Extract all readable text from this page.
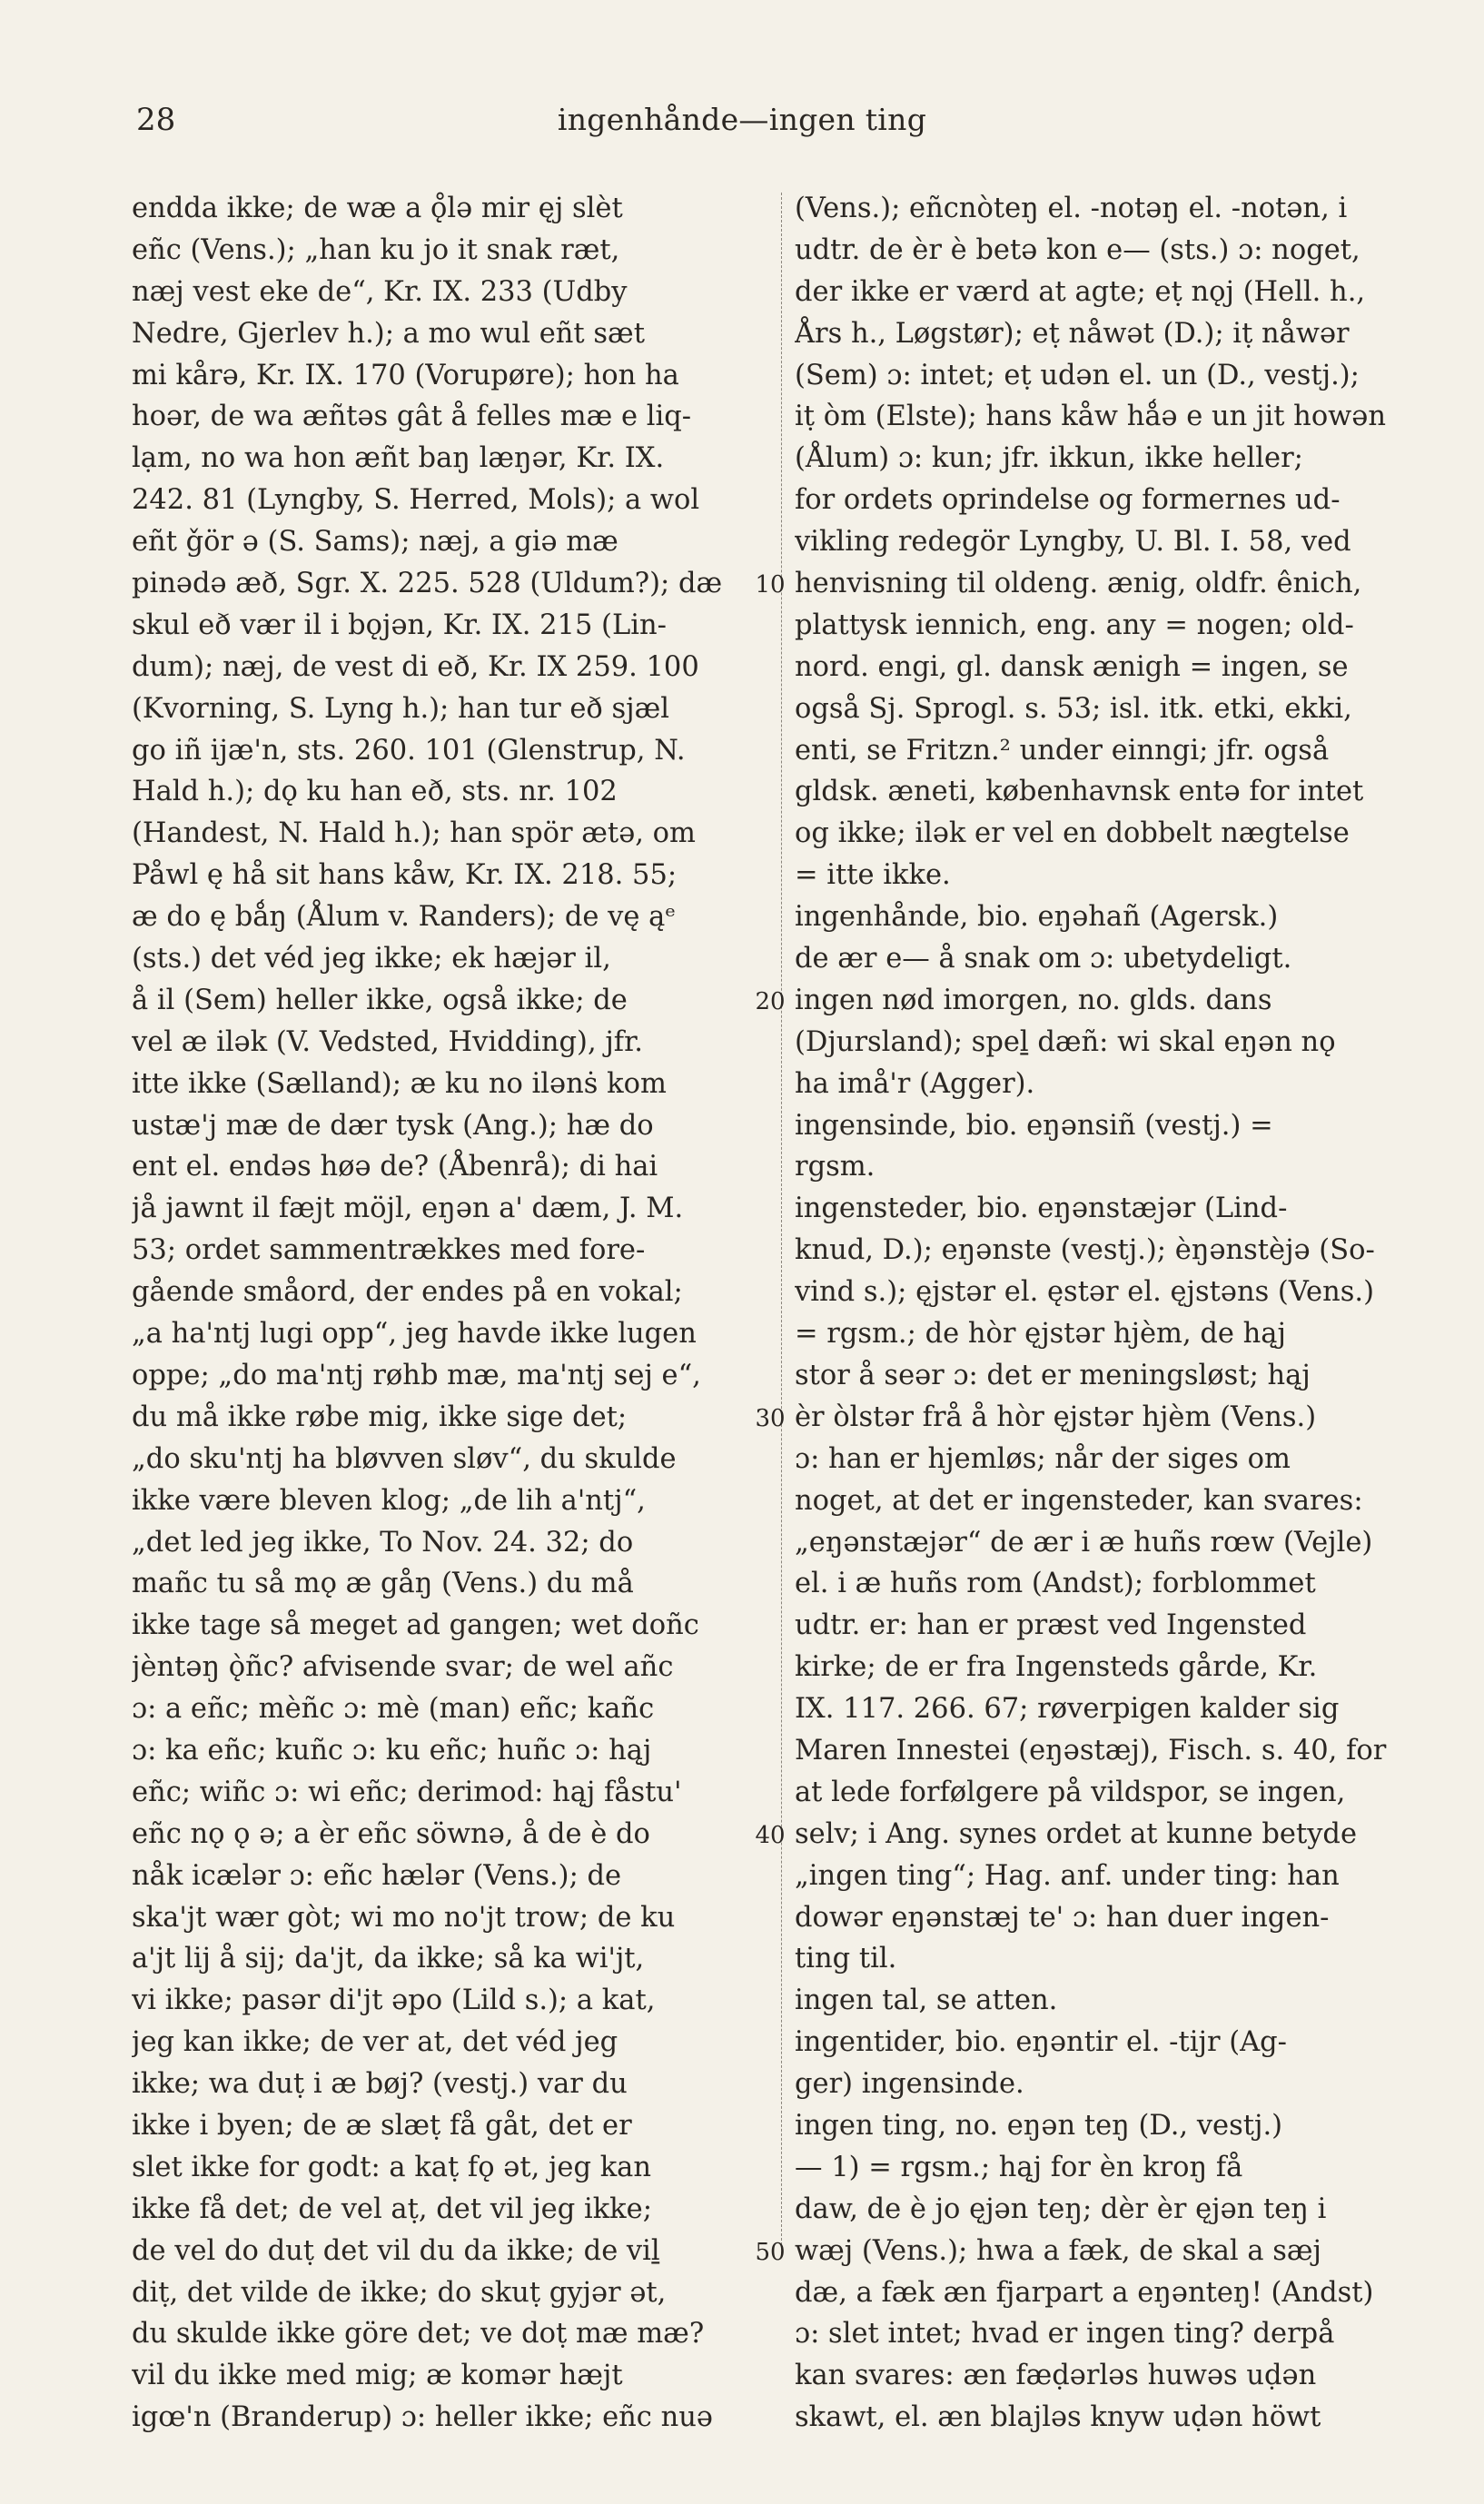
28	ingenhånde—ingen ting
endda ikke; de wæ a ǫ̊lə mir ęj slèt
eñc (Vens.); „han ku jo it snak ræt,
næj vest eke de“, Kr. IX. 233 (Udby
Nedre, Gjerlev h.); a mo wul eñt sæt
mi kårə, Kr. IX. 170 (Vorupøre); hon ha
hoər, de wa æñtəs gât å felles mæ e liq-
lạm, no wa hon æñt baŋ læŋər, Kr. IX.
242. 81 (Lyngby, S. Herred, Mols); a wol
eñt ǧör ə (S. Sams); næj, a giə mæ
pinədə æð, Sgr. X. 225. 528 (Uldum?); dæ
skul eð vær il i bǫjən, Kr. IX. 215 (Lin-
dum); næj, de vest di eð, Kr. IX 259. 100
(Kvorning, S. Lyng h.); han tur eð sjæl
go iñ ijæ'n, sts. 260. 101 (Glenstrup, N.
Hald h.); dǫ ku han eð, sts. nr. 102
(Handest, N. Hald h.); han spör ætə, om
Påwl ę hå sit hans kåw, Kr. IX. 218. 55;
æ do ę bǻŋ (Ålum v. Randers); de vę ąᵉ
(sts.) det véd jeg ikke; ek hæjər il,
å il (Sem) heller ikke, også ikke; de
vel æ ilək (V. Vedsted, Hvidding), jfr.
itte ikke (Sælland); æ ku no ilənṡ kom
ustæ'j mæ de dær tysk (Ang.); hæ do
ent el. endəs høə de? (Åbenrå); di hai
jå jawnt il fæjt möjl, eŋən a' dæm, J. M.
53; ordet sammentrækkes med fore-
gående småord, der endes på en vokal;
„a ha'ntj lugi opp“, jeg havde ikke lugen
oppe; „do ma'ntj røhb mæ, ma'ntj sej e“,
du må ikke røbe mig, ikke sige det;
„do sku'ntj ha bløvven sløv“, du skulde
ikke være bleven klog; „de lih a'ntj“,
„det led jeg ikke, To Nov. 24. 32; do
mañc tu så mǫ æ gåŋ (Vens.) du må
ikke tage så meget ad gangen; wet doñc
jèntəŋ ǫ̀ñc? afvisende svar; de wel añc
ɔ: a eñc; mèñc ɔ: mè (man) eñc; kañc
ɔ: ka eñc; kuñc ɔ: ku eñc; huñc ɔ: hąj
eñc; wiñc ɔ: wi eñc; derimod: hąj fåstu'
eñc nǫ ǫ ə; a èr eñc söwnə, å de è do
nåk icælər ɔ: eñc hælər (Vens.); de
ska'jt wær gòt; wi mo no'jt trow; de ku
a'jt lij å sij; da'jt, da ikke; så ka wi'jt,
vi ikke; pasər di'jt əpo (Lild s.); a kat,
jeg kan ikke; de ver at, det véd jeg
ikke; wa duṭ i æ bøj? (vestj.) var du
ikke i byen; de æ slæṭ få gåt, det er
slet ikke for godt: a kaṭ fǫ ət, jeg kan
ikke få det; de vel aṭ, det vil jeg ikke;
de vel do duṭ det vil du da ikke; de viḻ
diṭ, det vilde de ikke; do skuṭ gyjər ət,
du skulde ikke göre det; ve doṭ mæ mæ?
vil du ikke med mig; æ komər hæjt
igœ'n (Branderup) ɔ: heller ikke; eñc nuə
10
20
30
40
50
(Vens.); eñcnòteŋ el. -notəŋ el. -notən, i
udtr. de èr è betə kon e— (sts.) ɔ: noget,
der ikke er værd at agte; eṭ nǫj (Hell. h.,
Års h., Løgstør); eṭ nåwət (D.); iṭ nåwər
(Sem) ɔ: intet; eṭ udən el. un (D., vestj.);
iṭ òm (Elste); hans kåw hǻə e un jit howən
(Ålum) ɔ: kun; jfr. ikkun, ikke heller;
for ordets oprindelse og formernes ud-
vikling redegör Lyngby, U. Bl. I. 58, ved
henvisning til oldeng. ænig, oldfr. ênich,
plattysk iennich, eng. any = nogen; old-
nord. engi, gl. dansk ænigh = ingen, se
også Sj. Sprogl. s. 53; isl. itk. etki, ekki,
enti, se Fritzn.² under einngi; jfr. også
gldsk. æneti, københavnsk entə for intet
og ikke; ilək er vel en dobbelt nægtelse
= itte ikke.
ingenhånde, bio. eŋəhañ (Agersk.)
de ær e— å snak om ɔ: ubetydeligt.
ingen nød imorgen, no. glds. dans
(Djursland); speḻ dæñ: wi skal eŋən nǫ
ha imå'r (Agger).
ingensinde, bio. eŋənsiñ (vestj.) =
rgsm.
ingensteder, bio. eŋənstæjər (Lind-
knud, D.); eŋənste (vestj.); èŋənstèjə (So-
vind s.); ęjstər el. ęstər el. ęjstəns (Vens.)
= rgsm.; de hòr ęjstər hjèm, de hąj
stor å seər ɔ: det er meningsløst; hąj
èr òlstər frå å hòr ęjstər hjèm (Vens.)
ɔ: han er hjemløs; når der siges om
noget, at det er ingensteder, kan svares:
„eŋənstæjər“ de ær i æ huñs rœw (Vejle)
el. i æ huñs rom (Andst); forblommet
udtr. er: han er præst ved Ingensted
kirke; de er fra Ingensteds gårde, Kr.
IX. 117. 266. 67; røverpigen kalder sig
Maren Innestei (eŋəstæj), Fisch. s. 40, for
at lede forfølgere på vildspor, se ingen,
selv; i Ang. synes ordet at kunne betyde
„ingen ting“; Hag. anf. under ting: han
dowər eŋənstæj te' ɔ: han duer ingen-
ting til.
ingen tal, se atten.
ingentider, bio. eŋəntir el. -tijr (Ag-
ger) ingensinde.
ingen ting, no. eŋən teŋ (D., vestj.)
— 1) = rgsm.; hąj for èn kroŋ få
daw, de è jo ęjən teŋ; dèr èr ęjən teŋ i
wæj (Vens.); hwa a fæk, de skal a sæj
dæ, a fæk æn fjarpart a eŋənteŋ! (Andst)
ɔ: slet intet; hvad er ingen ting? derpå
kan svares: æn fæḍərləs huwəs uḍən
skawt, el. æn blajləs knyw uḍən höwt
